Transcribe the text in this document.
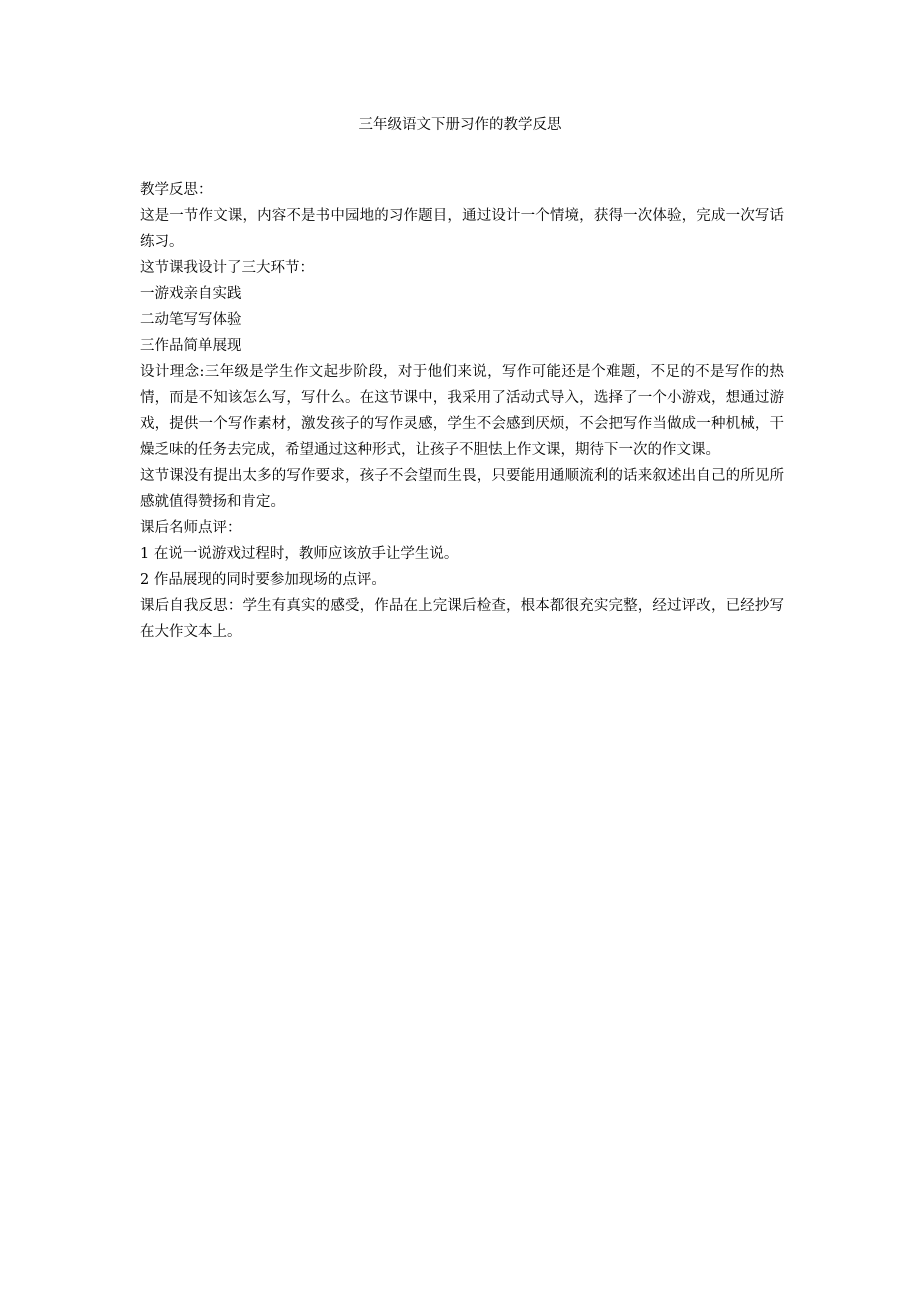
三年级语文下册习作的教学反思

教学反思：

这是一节作文课，内容不是书中园地的习作题目，通过设计一个情境，获得一次体验，完成一次写话练习。

这节课我设计了三大环节：

一游戏亲自实践

二动笔写写体验

三作品简单展现

设计理念:三年级是学生作文起步阶段，对于他们来说，写作可能还是个难题，不足的不是写作的热情，而是不知该怎么写，写什么。在这节课中，我采用了活动式导入，选择了一个小游戏，想通过游戏，提供一个写作素材，激发孩子的写作灵感，学生不会感到厌烦，不会把写作当做成一种机械，干燥乏味的任务去完成，希望通过这种形式，让孩子不胆怯上作文课，期待下一次的作文课。

这节课没有提出太多的写作要求，孩子不会望而生畏，只要能用通顺流利的话来叙述出自己的所见所感就值得赞扬和肯定。

课后名师点评：

1 在说一说游戏过程时，教师应该放手让学生说。

2 作品展现的同时要参加现场的点评。

课后自我反思：学生有真实的感受，作品在上完课后检查，根本都很充实完整，经过评改，已经抄写在大作文本上。
